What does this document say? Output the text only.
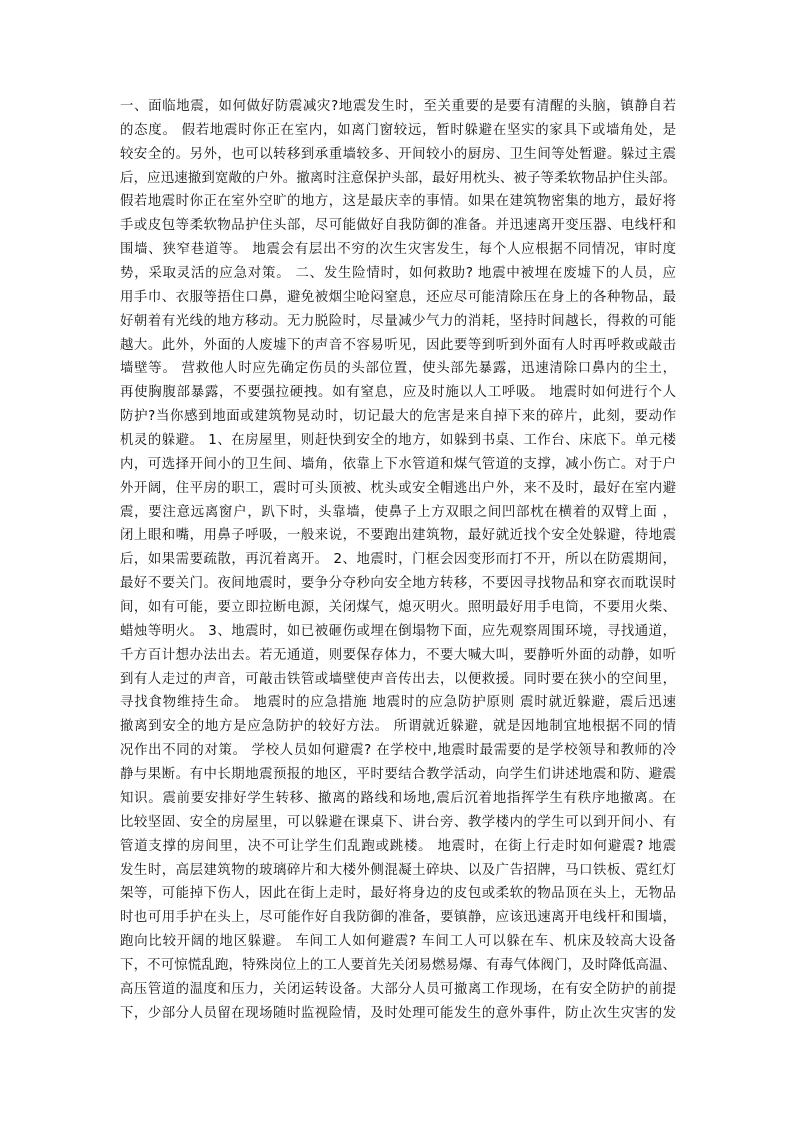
一、面临地震，如何做好防震减灾?地震发生时，至关重要的是要有清醒的头脑，镇静自若
的态度。 假若地震时你正在室内，如离门窗较远，暂时躲避在坚实的家具下或墙角处，是
较安全的。另外，也可以转移到承重墙较多、开间较小的厨房、卫生间等处暂避。躲过主震
后，应迅速撤到宽敞的户外。撤离时注意保护头部，最好用枕头、被子等柔软物品护住头部。
假若地震时你正在室外空旷的地方，这是最庆幸的事情。如果在建筑物密集的地方，最好将
手或皮包等柔软物品护住头部，尽可能做好自我防御的准备。并迅速离开变压器、电线杆和
围墙、狭窄巷道等。 地震会有层出不穷的次生灾害发生，每个人应根据不同情况，审时度
势，采取灵活的应急对策。 二、发生险情时，如何救助? 地震中被埋在废墟下的人员，应
用手巾、衣服等捂住口鼻，避免被烟尘呛闷窒息，还应尽可能清除压在身上的各种物品，最
好朝着有光线的地方移动。无力脱险时，尽量减少气力的消耗，坚持时间越长，得救的可能
越大。此外，外面的人废墟下的声音不容易听见，因此要等到听到外面有人时再呼救或敲击
墙壁等。 营救他人时应先确定伤员的头部位置，使头部先暴露，迅速清除口鼻内的尘土，
再使胸腹部暴露，不要强拉硬拽。如有窒息，应及时施以人工呼吸。 地震时如何进行个人
防护?当你感到地面或建筑物晃动时，切记最大的危害是来自掉下来的碎片，此刻，要动作
机灵的躲避。 1、在房屋里，则赶快到安全的地方，如躲到书桌、工作台、床底下。单元楼
内，可选择开间小的卫生间、墙角，依靠上下水管道和煤气管道的支撑，减小伤亡。对于户
外开阔，住平房的职工，震时可头顶被、枕头或安全帽逃出户外，来不及时，最好在室内避
震，要注意远离窗户，趴下时，头靠墙，使鼻子上方双眼之间凹部枕在横着的双臂上面 ，
闭上眼和嘴，用鼻子呼吸，一般来说，不要跑出建筑物，最好就近找个安全处躲避，待地震
后，如果需要疏散，再沉着离开。 2、地震时，门框会因变形而打不开，所以在防震期间，
最好不要关门。夜间地震时，要争分夺秒向安全地方转移，不要因寻找物品和穿衣而耽误时
间，如有可能，要立即拉断电源，关闭煤气，熄灭明火。照明最好用手电筒，不要用火柴、
蜡烛等明火。 3、地震时，如已被砸伤或埋在倒塌物下面，应先观察周围环境，寻找通道，
千方百计想办法出去。若无通道，则要保存体力，不要大喊大叫，要静听外面的动静，如听
到有人走过的声音，可敲击铁管或墙壁使声音传出去，以便救援。同时要在狭小的空间里，
寻找食物维持生命。 地震时的应急措施 地震时的应急防护原则 震时就近躲避，震后迅速
撤离到安全的地方是应急防护的较好方法。 所谓就近躲避，就是因地制宜地根据不同的情
况作出不同的对策。 学校人员如何避震? 在学校中,地震时最需要的是学校领导和教师的冷
静与果断。有中长期地震预报的地区，平时要结合教学活动，向学生们讲述地震和防、避震
知识。震前要安排好学生转移、撤离的路线和场地,震后沉着地指挥学生有秩序地撤离。在
比较坚固、安全的房屋里，可以躲避在课桌下、讲台旁、教学楼内的学生可以到开间小、有
管道支撑的房间里，决不可让学生们乱跑或跳楼。 地震时，在街上行走时如何避震? 地震
发生时，高层建筑物的玻璃碎片和大楼外侧混凝土碎块、以及广告招牌，马口铁板、霓红灯
架等，可能掉下伤人，因此在街上走时，最好将身边的皮包或柔软的物品顶在头上，无物品
时也可用手护在头上，尽可能作好自我防御的准备，要镇静，应该迅速离开电线杆和围墙，
跑向比较开阔的地区躲避。 车间工人如何避震? 车间工人可以躲在车、机床及较高大设备
下，不可惊慌乱跑，特殊岗位上的工人要首先关闭易燃易爆、有毒气体阀门，及时降低高温、
高压管道的温度和压力，关闭运转设备。大部分人员可撤离工作现场，在有安全防护的前提
下，少部分人员留在现场随时监视险情，及时处理可能发生的意外事件，防止次生灾害的发
